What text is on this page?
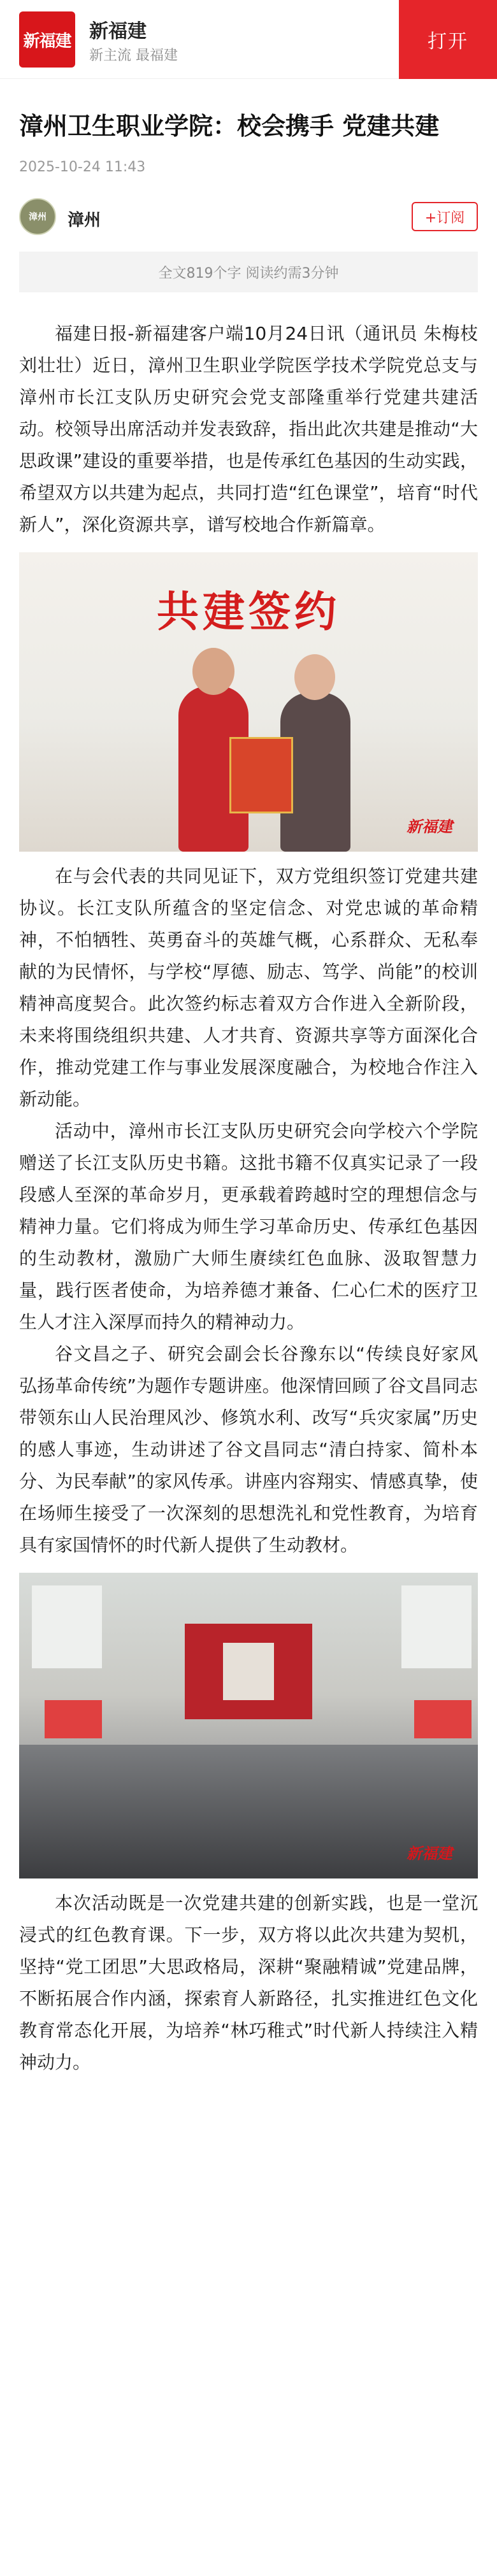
新福建 新福建
新主流 最福建
打开
漳州卫生职业学院：校会携手 党建共建
2025-10-24 11:43
漳州	漳州	+订阅
全文819个字 阅读约需3分钟

福建日报-新福建客户端10月24日讯（通讯员 朱梅枝 刘壮壮）近日，漳州卫生职业学院医学技术学院党总支与漳州市长江支队历史研究会党支部隆重举行党建共建活动。校领导出席活动并发表致辞，指出此次共建是推动“大思政课”建设的重要举措，也是传承红色基因的生动实践，希望双方以共建为起点，共同打造“红色课堂”，培育“时代新人”，深化资源共享，谱写校地合作新篇章。

共建签约
新福建

在与会代表的共同见证下，双方党组织签订党建共建协议。长江支队所蕴含的坚定信念、对党忠诚的革命精神，不怕牺牲、英勇奋斗的英雄气概，心系群众、无私奉献的为民情怀，与学校“厚德、励志、笃学、尚能”的校训精神高度契合。此次签约标志着双方合作进入全新阶段，未来将围绕组织共建、人才共育、资源共享等方面深化合作，推动党建工作与事业发展深度融合，为校地合作注入新动能。

活动中，漳州市长江支队历史研究会向学校六个学院赠送了长江支队历史书籍。这批书籍不仅真实记录了一段段感人至深的革命岁月，更承载着跨越时空的理想信念与精神力量。它们将成为师生学习革命历史、传承红色基因的生动教材，激励广大师生赓续红色血脉、汲取智慧力量，践行医者使命，为培养德才兼备、仁心仁术的医疗卫生人才注入深厚而持久的精神动力。

谷文昌之子、研究会副会长谷豫东以“传续良好家风 弘扬革命传统”为题作专题讲座。他深情回顾了谷文昌同志带领东山人民治理风沙、修筑水利、改写“兵灾家属”历史的感人事迹，生动讲述了谷文昌同志“清白持家、简朴本分、为民奉献”的家风传承。讲座内容翔实、情感真挚，使在场师生接受了一次深刻的思想洗礼和党性教育，为培育具有家国情怀的时代新人提供了生动教材。

新福建

本次活动既是一次党建共建的创新实践，也是一堂沉浸式的红色教育课。下一步，双方将以此次共建为契机，坚持“党工团思”大思政格局，深耕“聚融精诚”党建品牌，不断拓展合作内涵，探索育人新路径，扎实推进红色文化教育常态化开展，为培养“林巧稚式”时代新人持续注入精神动力。
